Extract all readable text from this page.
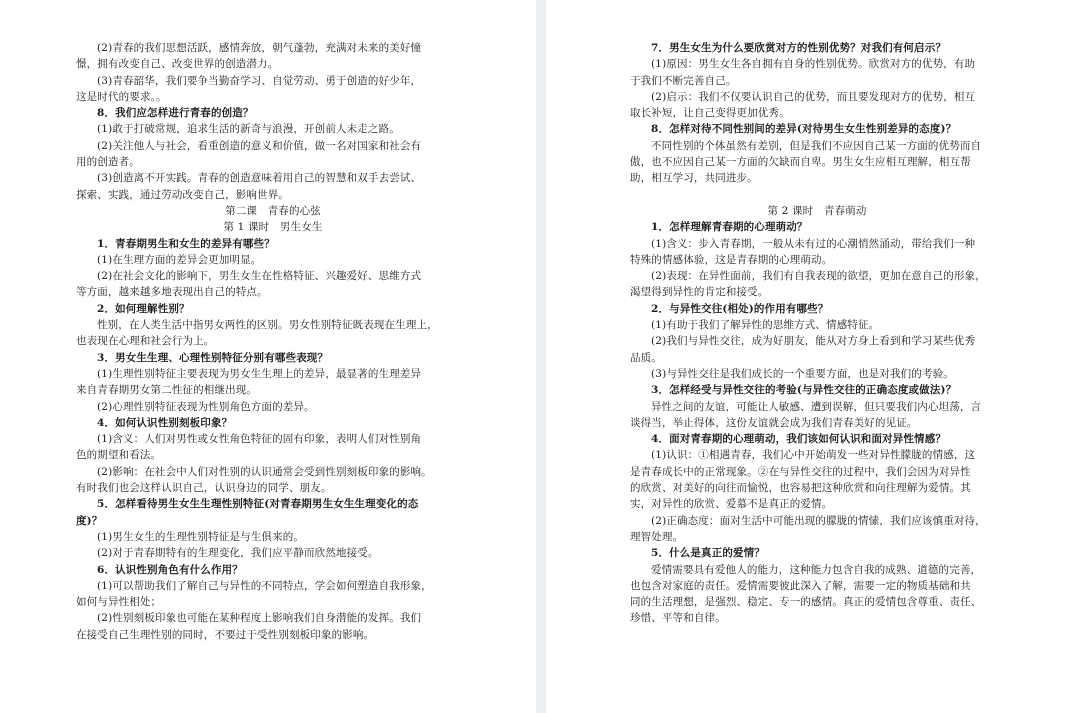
(2)青春的我们思想活跃，感情奔放，朝气蓬勃，充满对未来的美好憧
憬，拥有改变自己、改变世界的创造潜力。
(3)青春韶华，我们要争当勤奋学习、自觉劳动、勇于创造的好少年，
这是时代的要求。。
8．我们应怎样进行青春的创造？
(1)敢于打破常规，追求生活的新奇与浪漫，开创前人未走之路。
(2)关注他人与社会，看重创造的意义和价值，做一名对国家和社会有
用的创造者。
(3)创造离不开实践。青春的创造意味着用自己的智慧和双手去尝试、
探索、实践，通过劳动改变自己，影响世界。
第二课　青春的心弦
第 1 课时　男生女生
1．青春期男生和女生的差异有哪些？
(1)在生理方面的差异会更加明显。
(2)在社会文化的影响下，男生女生在性格特征、兴趣爱好、思维方式
等方面，越来越多地表现出自己的特点。
2．如何理解性别？
性别，在人类生活中指男女两性的区别。男女性别特征既表现在生理上，
也表现在心理和社会行为上。
3．男女生生理、心理性别特征分别有哪些表现？
(1)生理性别特征主要表现为男女生生理上的差异，最显著的生理差异
来自青春期男女第二性征的相继出现。
(2)心理性别特征表现为性别角色方面的差异。
4．如何认识性别刻板印象？
(1)含义：人们对男性或女性角色特征的固有印象，表明人们对性别角
色的期望和看法。
(2)影响：在社会中人们对性别的认识通常会受到性别刻板印象的影响。
有时我们也会这样认识自己，认识身边的同学、朋友。
5．怎样看待男生女生生理性别特征(对青春期男生女生生理变化的态
度)？
(1)男生女生的生理性别特征是与生俱来的。
(2)对于青春期特有的生理变化，我们应平静而欣然地接受。
6．认识性别角色有什么作用？
(1)可以帮助我们了解自己与异性的不同特点，学会如何塑造自我形象，
如何与异性相处；
(2)性别刻板印象也可能在某种程度上影响我们自身潜能的发挥。我们
在接受自己生理性别的同时，不要过于受性别刻板印象的影响。
7．男生女生为什么要欣赏对方的性别优势？对我们有何启示？
(1)原因：男生女生各自拥有自身的性别优势。欣赏对方的优势，有助
于我们不断完善自己。
(2)启示：我们不仅要认识自己的优势，而且要发现对方的优势，相互
取长补短，让自己变得更加优秀。
8．怎样对待不同性别间的差异(对待男生女生性别差异的态度)？
不同性别的个体虽然有差别，但是我们不应因自己某一方面的优势而自
傲，也不应因自己某一方面的欠缺而自卑。男生女生应相互理解，相互帮
助，相互学习，共同进步。
第 2 课时　青春萌动
1．怎样理解青春期的心理萌动？
(1)含义：步入青春期，一般从未有过的心潮悄然涌动，带给我们一种
特殊的情感体验，这是青春期的心理萌动。
(2)表现：在异性面前，我们有自我表现的欲望，更加在意自己的形象，
渴望得到异性的肯定和接受。
2．与异性交往(相处)的作用有哪些？
(1)有助于我们了解异性的思维方式、情感特征。
(2)我们与异性交往，成为好朋友，能从对方身上看到和学习某些优秀
品质。
(3)与异性交往是我们成长的一个重要方面，也是对我们的考验。
3．怎样经受与异性交往的考验(与异性交往的正确态度或做法)？
异性之间的友谊，可能让人敏感、遭到误解，但只要我们内心坦荡，言
谈得当，举止得体，这份友谊就会成为我们青春美好的见证。
4．面对青春期的心理萌动，我们该如何认识和面对异性情感？
(1)认识：①相遇青春，我们心中开始萌发一些对异性朦胧的情感，这
是青春成长中的正常现象。②在与异性交往的过程中，我们会因为对异性
的欣赏、对美好的向往而愉悦，也容易把这种欣赏和向往理解为爱情。其
实，对异性的欣赏、爱慕不是真正的爱情。
(2)正确态度：面对生活中可能出现的朦胧的情愫，我们应该慎重对待，
理智处理。
5．什么是真正的爱情？
爱情需要具有爱他人的能力，这种能力包含自我的成熟、道德的完善，
也包含对家庭的责任。爱情需要彼此深入了解，需要一定的物质基础和共
同的生活理想，是强烈、稳定、专一的感情。真正的爱情包含尊重、责任、
珍惜、平等和自律。
